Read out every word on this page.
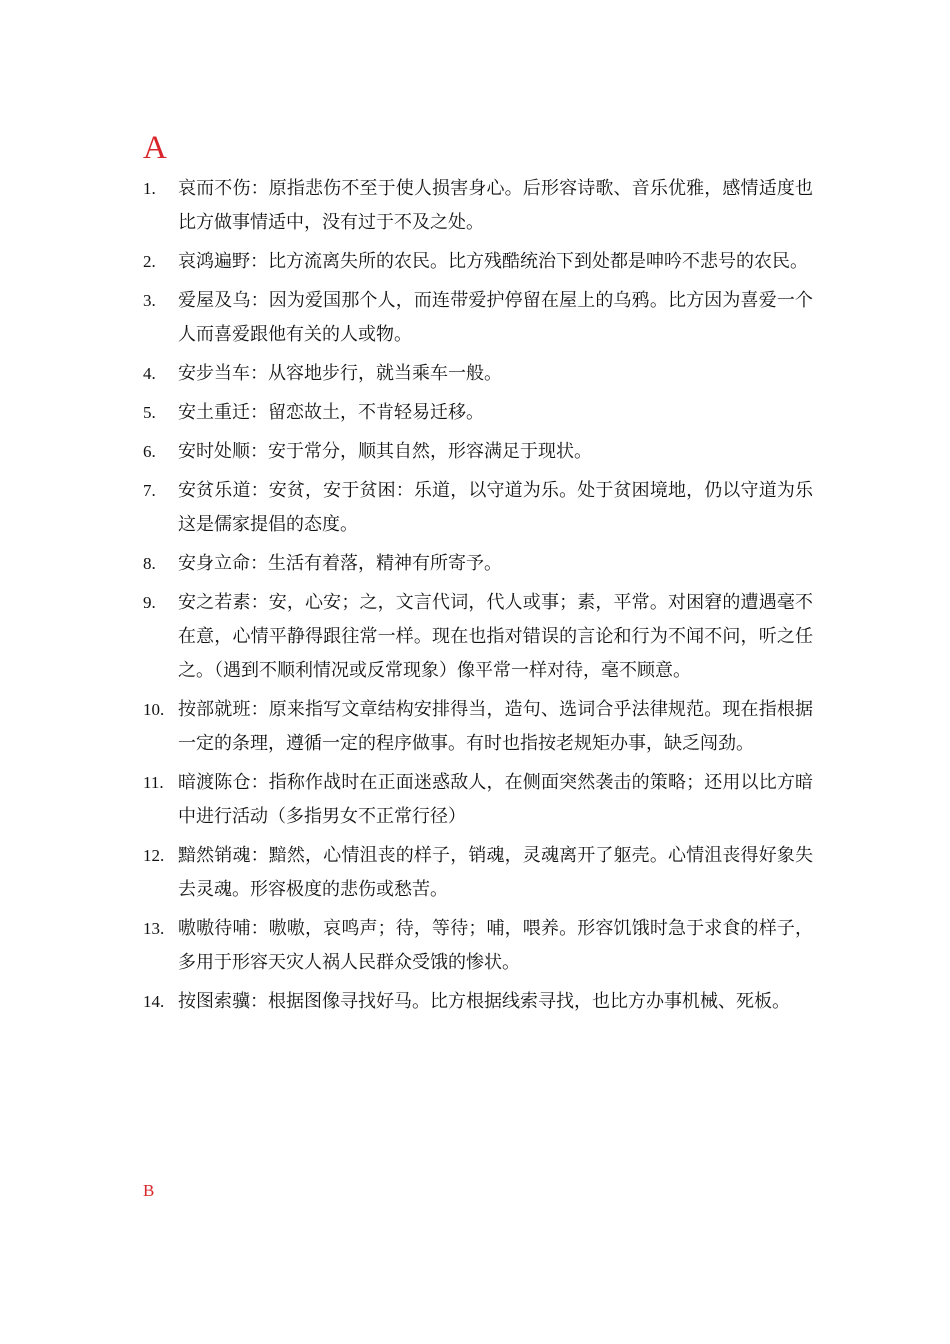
A
1.	哀而不伤：原指悲伤不至于使人损害身心。后形容诗歌、音乐优雅，感情适度也比方做事情适中，没有过于不及之处。
2.	哀鸿遍野：比方流离失所的农民。比方残酷统治下到处都是呻吟不悲号的农民。
3.	爱屋及乌：因为爱国那个人，而连带爱护停留在屋上的乌鸦。比方因为喜爱一个人而喜爱跟他有关的人或物。
4.	安步当车：从容地步行，就当乘车一般。
5.	安土重迁：留恋故土，不肯轻易迁移。
6.	安时处顺：安于常分，顺其自然，形容满足于现状。
7.	安贫乐道：安贫，安于贫困：乐道，以守道为乐。处于贫困境地，仍以守道为乐这是儒家提倡的态度。
8.	安身立命：生活有着落，精神有所寄予。
9.	安之若素：安，心安；之，文言代词，代人或事；素，平常。对困窘的遭遇毫不在意，心情平静得跟往常一样。现在也指对错误的言论和行为不闻不问，听之任之。（遇到不顺利情况或反常现象）像平常一样对待，毫不顾意。
10. 按部就班：原来指写文章结构安排得当，造句、选词合乎法律规范。现在指根据一定的条理，遵循一定的程序做事。有时也指按老规矩办事，缺乏闯劲。
11. 暗渡陈仓：指称作战时在正面迷惑敌人，在侧面突然袭击的策略；还用以比方暗中进行活动（多指男女不正常行径）
12. 黯然销魂：黯然，心情沮丧的样子，销魂，灵魂离开了躯壳。心情沮丧得好象失去灵魂。形容极度的悲伤或愁苦。
13. 嗷嗷待哺：嗷嗷，哀鸣声；待，等待；哺，喂养。形容饥饿时急于求食的样子，多用于形容天灾人祸人民群众受饿的惨状。
14. 按图索骥：根据图像寻找好马。比方根据线索寻找，也比方办事机械、死板。
B
